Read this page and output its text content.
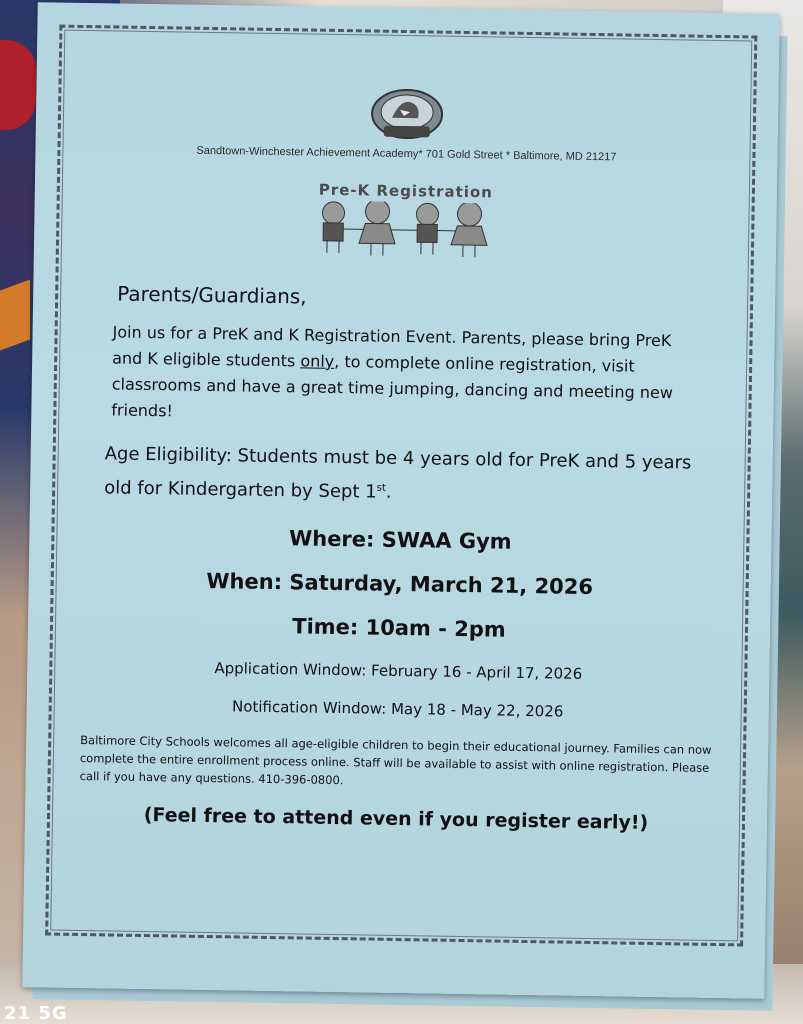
Sandtown-Winchester Achievement Academy* 701 Gold Street * Baltimore, MD 21217
Pre-K Registration
Parents/Guardians,
Join us for a PreK and K Registration Event. Parents, please bring PreK and K eligible students only, to complete online registration, visit classrooms and have a great time jumping, dancing and meeting new friends!
Age Eligibility: Students must be 4 years old for PreK and 5 years old for Kindergarten by Sept 1st.
Where: SWAA Gym
When: Saturday, March 21, 2026
Time: 10am - 2pm
Application Window: February 16 - April 17, 2026
Notification Window: May 18 - May 22, 2026
Baltimore City Schools welcomes all age-eligible children to begin their educational journey. Families can now complete the entire enrollment process online. Staff will be available to assist with online registration. Please call if you have any questions. 410-396-0800.
(Feel free to attend even if you register early!)
21 5G
